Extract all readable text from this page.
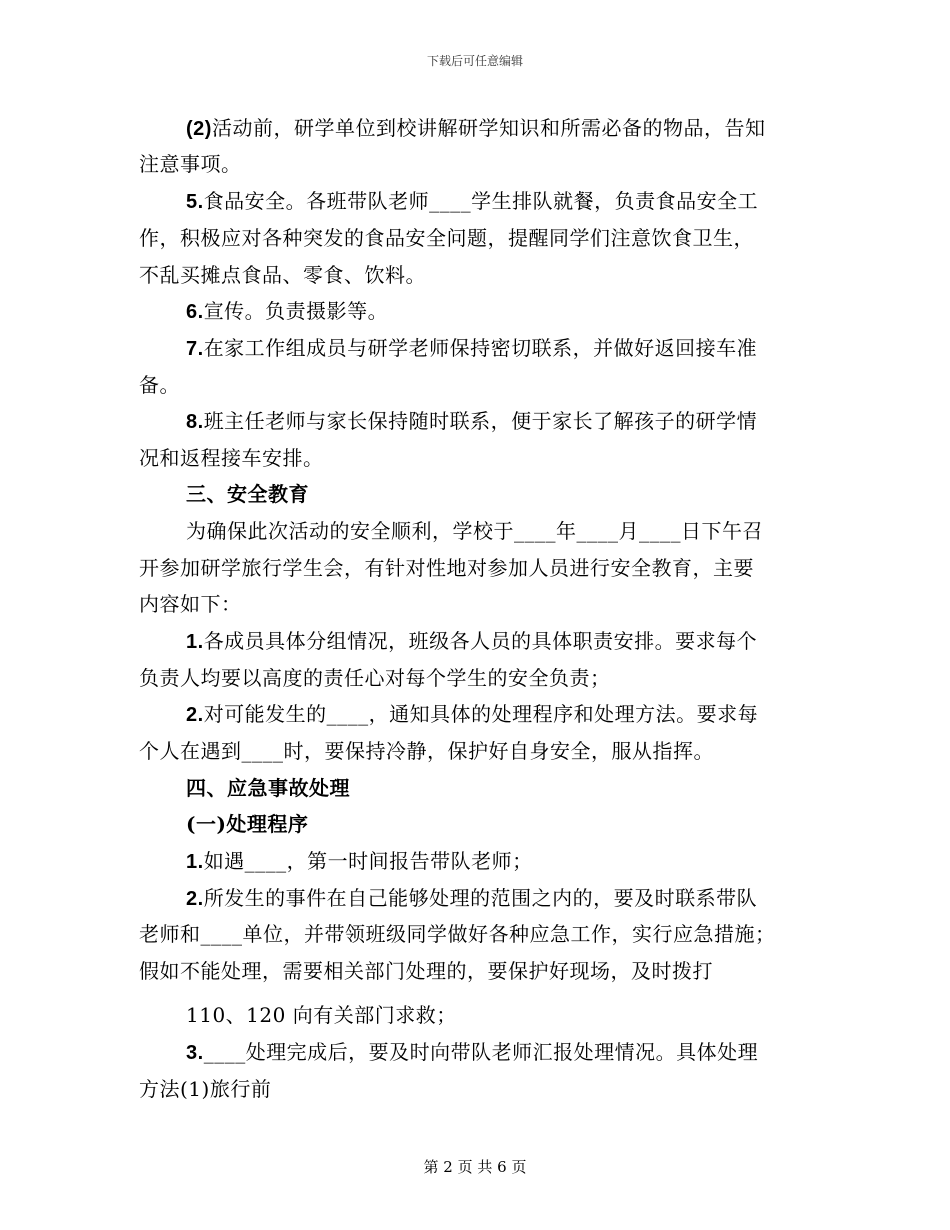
下载后可任意编辑
(2)活动前，研学单位到校讲解研学知识和所需必备的物品，告知
注意事项。
5.食品安全。各班带队老师____学生排队就餐，负责食品安全工
作，积极应对各种突发的食品安全问题，提醒同学们注意饮食卫生，
不乱买摊点食品、零食、饮料。
6.宣传。负责摄影等。
7.在家工作组成员与研学老师保持密切联系，并做好返回接车准
备。
8.班主任老师与家长保持随时联系，便于家长了解孩子的研学情
况和返程接车安排。
三、安全教育
为确保此次活动的安全顺利，学校于____年____月____日下午召
开参加研学旅行学生会，有针对性地对参加人员进行安全教育，主要
内容如下：
1.各成员具体分组情况，班级各人员的具体职责安排。要求每个
负责人均要以高度的责任心对每个学生的安全负责；
2.对可能发生的____，通知具体的处理程序和处理方法。要求每
个人在遇到____时，要保持冷静，保护好自身安全，服从指挥。
四、应急事故处理
(一)处理程序
1.如遇____，第一时间报告带队老师；
2.所发生的事件在自己能够处理的范围之内的，要及时联系带队
老师和____单位，并带领班级同学做好各种应急工作，实行应急措施；
假如不能处理，需要相关部门处理的，要保护好现场，及时拨打
110、120 向有关部门求救；
3.____处理完成后，要及时向带队老师汇报处理情况。具体处理
方法(1)旅行前
第 2 页 共 6 页
